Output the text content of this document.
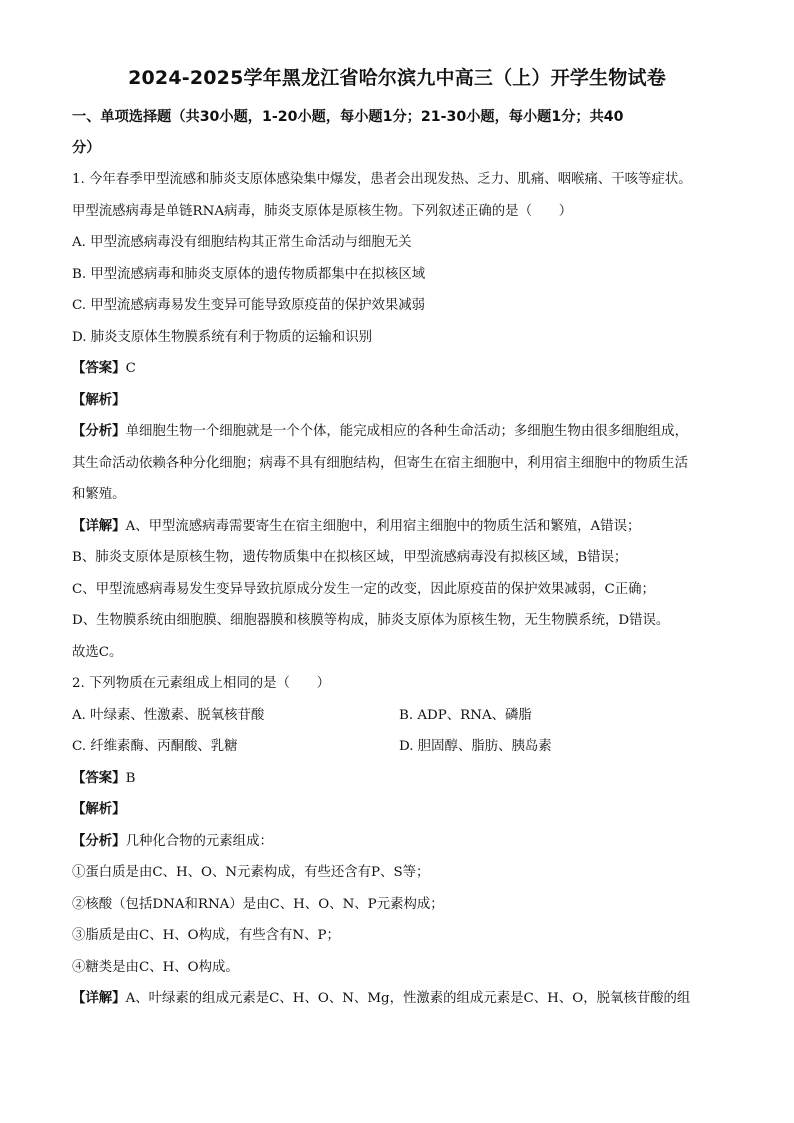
2024-2025学年黑龙江省哈尔滨九中高三（上）开学生物试卷

一、单项选择题（共30小题，1-20小题，每小题1分；21-30小题，每小题1分；共40

分）

1. 今年春季甲型流感和肺炎支原体感染集中爆发，患者会出现发热、乏力、肌痛、咽喉痛、干咳等症状。

甲型流感病毒是单链RNA病毒，肺炎支原体是原核生物。下列叙述正确的是（　　）

A. 甲型流感病毒没有细胞结构其正常生命活动与细胞无关

B. 甲型流感病毒和肺炎支原体的遗传物质都集中在拟核区域

C. 甲型流感病毒易发生变异可能导致原疫苗的保护效果减弱

D. 肺炎支原体生物膜系统有利于物质的运输和识别

【答案】C

【解析】

【分析】单细胞生物一个细胞就是一个个体，能完成相应的各种生命活动；多细胞生物由很多细胞组成，

其生命活动依赖各种分化细胞；病毒不具有细胞结构，但寄生在宿主细胞中，利用宿主细胞中的物质生活

和繁殖。

【详解】A、甲型流感病毒需要寄生在宿主细胞中，利用宿主细胞中的物质生活和繁殖，A错误；

B、肺炎支原体是原核生物，遗传物质集中在拟核区域，甲型流感病毒没有拟核区域，B错误；

C、甲型流感病毒易发生变异导致抗原成分发生一定的改变，因此原疫苗的保护效果减弱，C正确；

D、生物膜系统由细胞膜、细胞器膜和核膜等构成，肺炎支原体为原核生物，无生物膜系统，D错误。

故选C。

2. 下列物质在元素组成上相同的是（　　）

A. 叶绿素、性激素、脱氧核苷酸	B. ADP、RNA、磷脂
C. 纤维素酶、丙酮酸、乳糖	D. 胆固醇、脂肪、胰岛素

【答案】B

【解析】

【分析】几种化合物的元素组成：

①蛋白质是由C、H、O、N元素构成，有些还含有P、S等；

②核酸（包括DNA和RNA）是由C、H、O、N、P元素构成；

③脂质是由C、H、O构成，有些含有N、P；

④糖类是由C、H、O构成。

【详解】A、叶绿素的组成元素是C、H、O、N、Mg，性激素的组成元素是C、H、O，脱氧核苷酸的组
